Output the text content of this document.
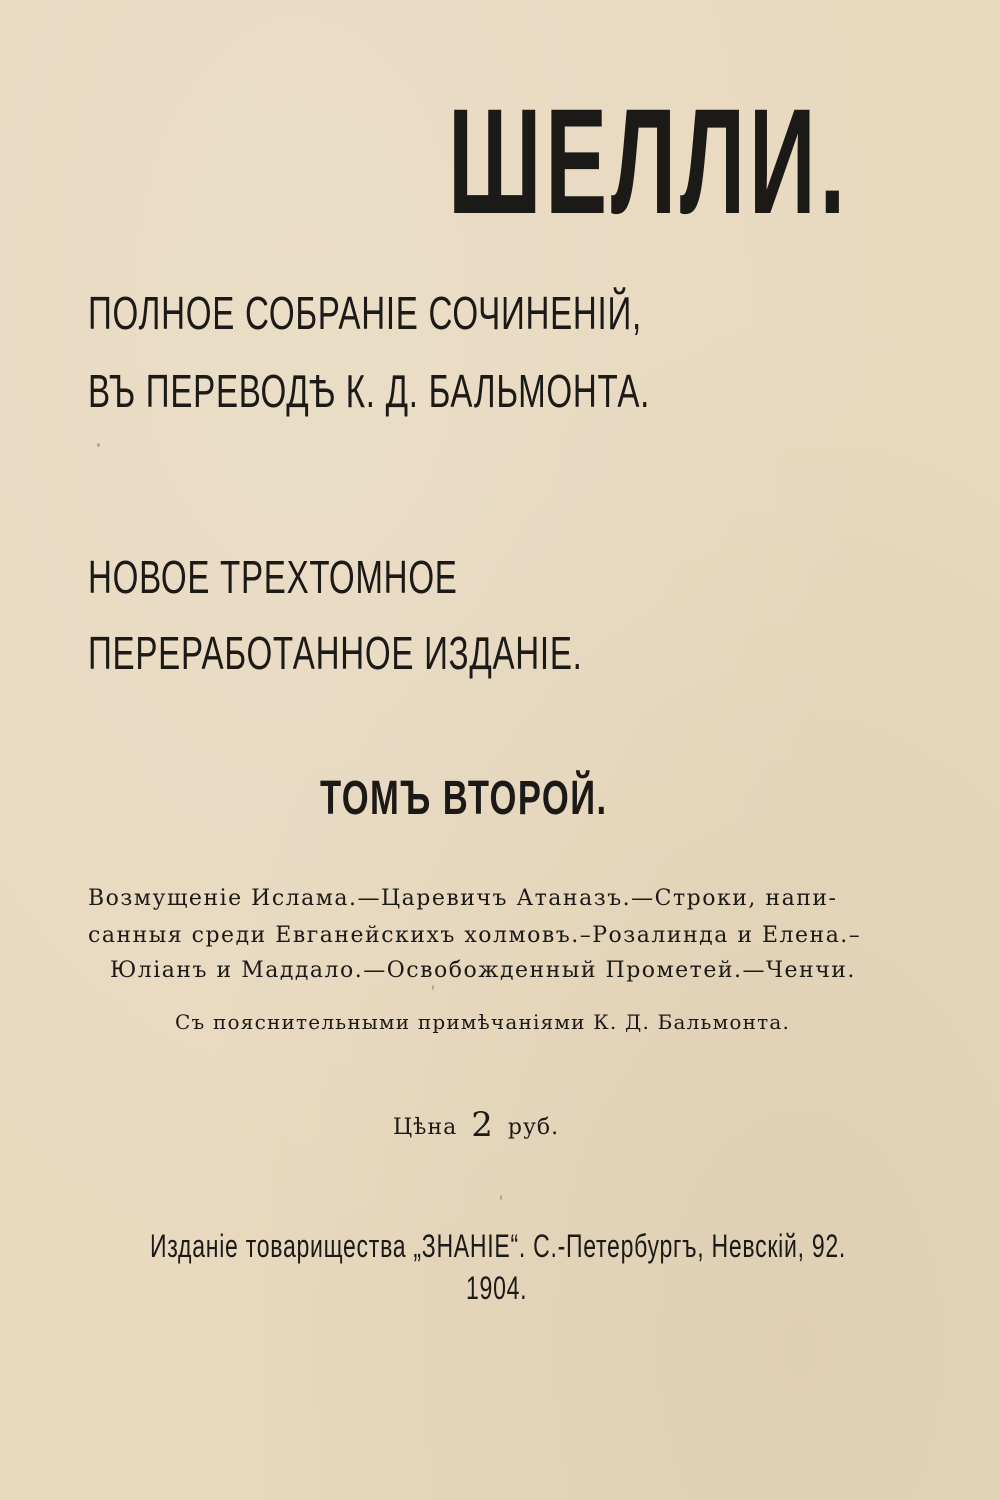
ШЕЛЛИ.
ПОЛНОЕ СОБРАНІЕ СОЧИНЕНІЙ,
ВЪ ПЕРЕВОДѢ К. Д. БАЛЬМОНТА.
НОВОЕ ТРЕХТОМНОЕ
ПЕРЕРАБОТАННОЕ ИЗДАНІЕ.
ТОМЪ ВТОРОЙ.
Возмущеніе Ислама.—Царевичъ Атаназъ.—Строки, напи-
санныя среди Евганейскихъ холмовъ.–Розалинда и Елена.–
Юліанъ и Маддало.—Освобожденный Прометей.—Ченчи.
Съ пояснительными примѣчаніями К. Д. Бальмонта.
Цѣна 2 руб.
Изданіе товарищества „ЗНАНІЕ“. С.-Петербургъ, Невскій, 92.
1904.
